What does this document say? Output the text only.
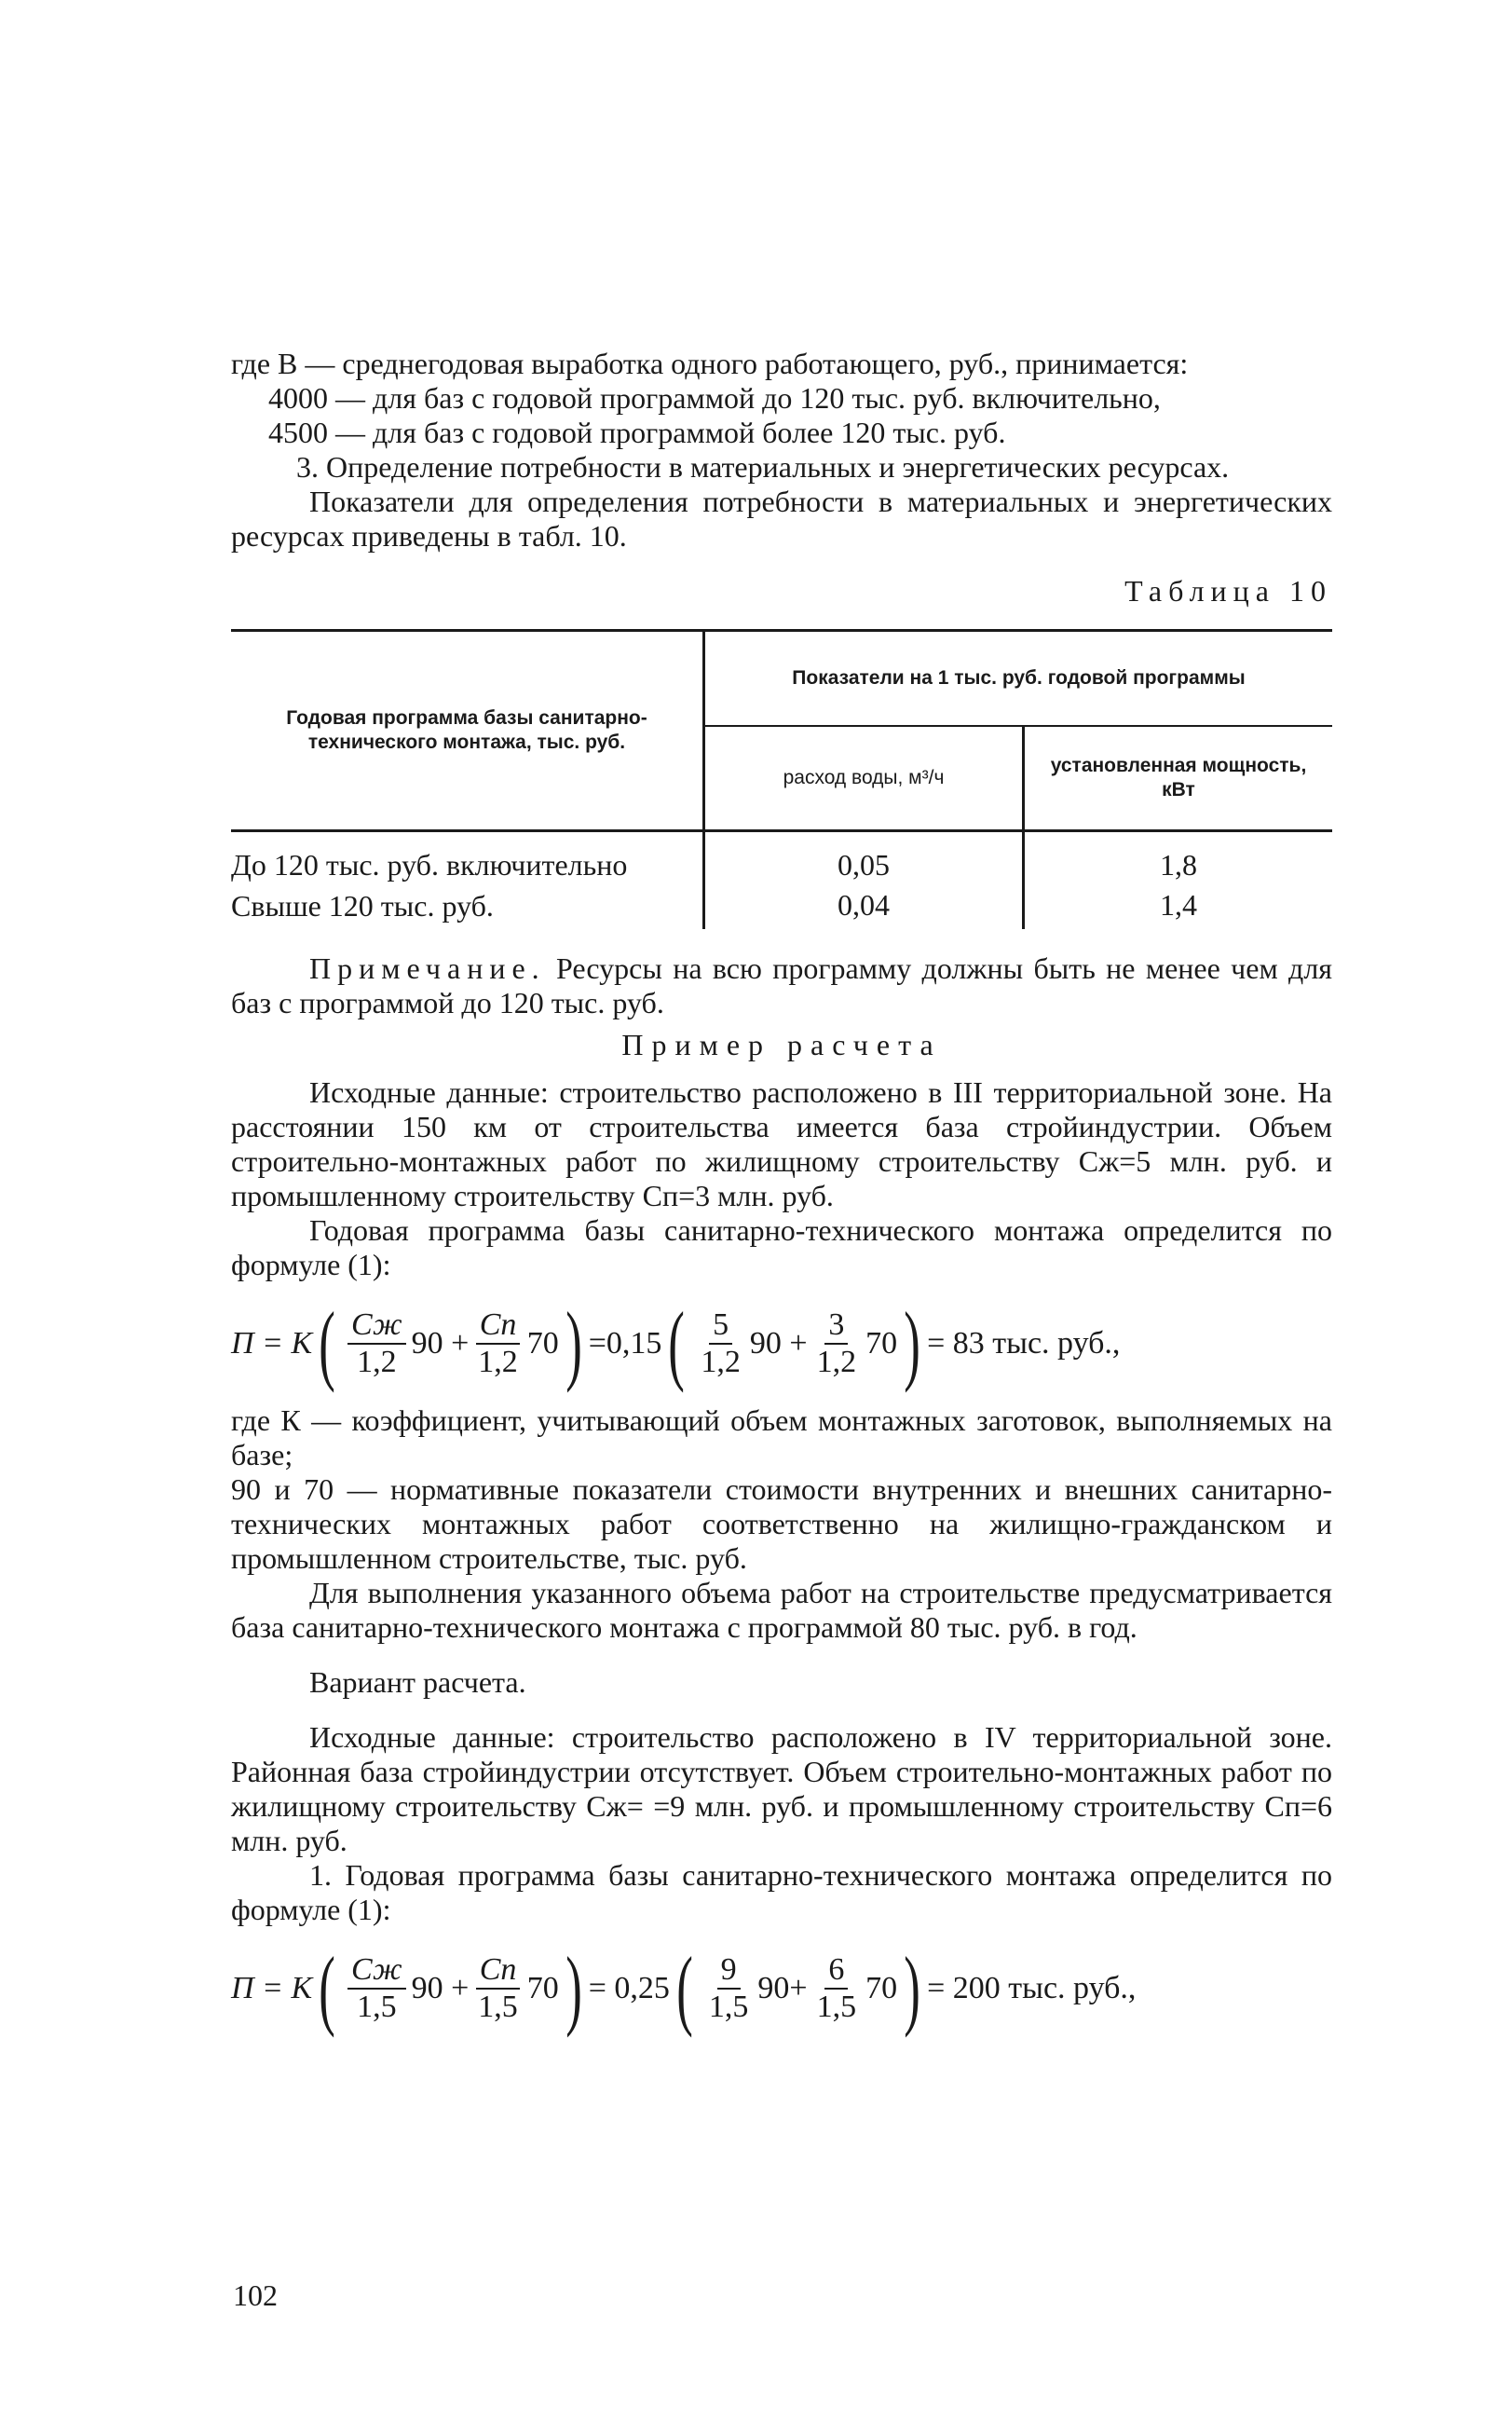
где В — среднегодовая выработка одного работающего, руб., принимается:

4000 — для баз с годовой программой до 120 тыс. руб. включительно,

4500 — для баз с годовой программой более 120 тыс. руб.

3. Определение потребности в материальных и энергетических ресурсах.

Показатели для определения потребности в материальных и энергетических ресурсах приведены в табл. 10.

Таблица 10
Годовая программа базы санитарно-технического монтажа, тыс. руб.	Показатели на 1 тыс. руб. годовой программы	
	расход воды, м³/ч	установленная мощность, кВт

До 120 тыс. руб. включительно	0,05	1,8
Свыше 120 тыс. руб.	0,04	1,4

Примечание. Ресурсы на всю программу должны быть не менее чем для баз с программой до 120 тыс. руб.

Пример расчета

Исходные данные: строительство расположено в III территориальной зоне. На расстоянии 150 км от строительства имеется база стройиндустрии. Объем строительно-монтажных работ по жилищному строительству Сж=5 млн. руб. и промышленному строительству Сп=3 млн. руб.

Годовая программа базы санитарно-технического монтажа определится по формуле (1):

П = К ( $\frac{Сж}{1,2} 90 + \frac{Сп}{1,2} 70$ ) =0,15 ( $\frac{5}{1,2} 90 + \frac{3}{1,2} 70$ ) = 83 тыс. руб.,

где К — коэффициент, учитывающий объем монтажных заготовок, выполняемых на базе;

90 и 70 — нормативные показатели стоимости внутренних и внешних санитарно-технических монтажных работ соответственно на жилищно-гражданском и промышленном строительстве, тыс. руб.

Для выполнения указанного объема работ на строительстве предусматривается база санитарно-технического монтажа с программой 80 тыс. руб. в год.

Вариант расчета.

Исходные данные: строительство расположено в IV территориальной зоне. Районная база стройиндустрии отсутствует. Объем строительно-монтажных работ по жилищному строительству Сж= =9 млн. руб. и промышленному строительству Сп=6 млн. руб.

1. Годовая программа базы санитарно-технического монтажа определится по формуле (1):

П = К ( $\frac{Сж}{1,5} 90 + \frac{Сп}{1,5} 70$ ) = 0,25 ( $\frac{9}{1,5} 90+ \frac{6}{1,5} 70$ ) = 200 тыс. руб.,
102
